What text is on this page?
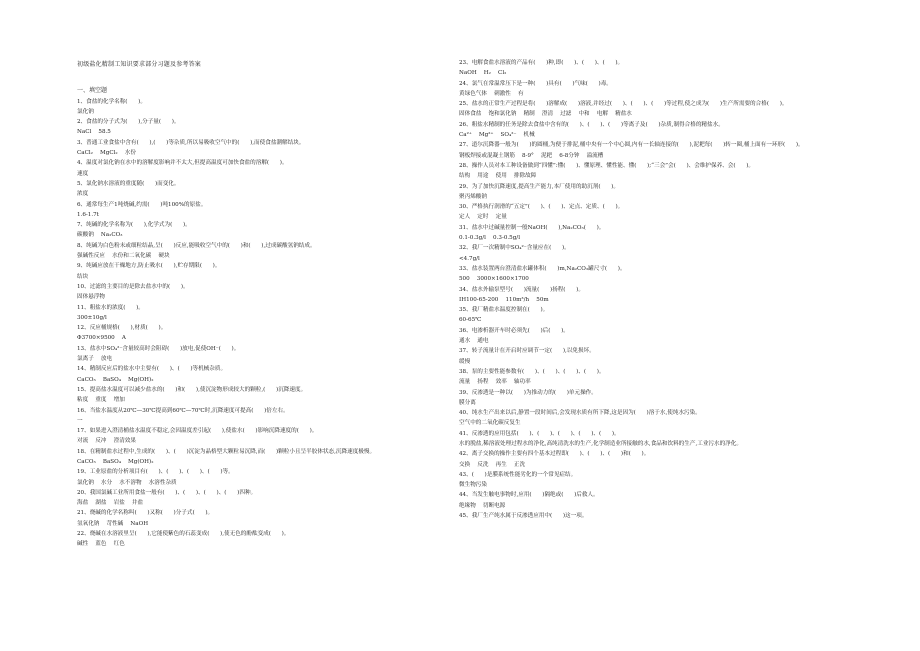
初级盐化精制工知识要求部分习题及参考答案
一、填空题
1、食盐的化学名称(      )。
氯化钠
2、食盐的分子式为(      ),分子量(      )。
NaCl    58.5
3、普通工业食盐中含有(      ),(      )等杂质,所以易吸收空气中的(      ),而使食盐潮解结块。
CaCl₂    MgCl₂    水份
4、温度对氯化钠在水中的溶解度影响并不太大,但提高温度可加快食盐的溶解(      )。
速度
5、氯化钠水溶液的重度随(      )而变化。
浓度
6、通常每生产1吨烧碱,约需(      )吨100%的原盐。
1.6-1.7t
7、纯碱的化学名称为(      ),化学式为(      )。
碳酸钠    Na₂CO₃
8、纯碱为白色粉末或细粒结晶,呈(      )反应,能吸收空气中的(      )和(      ),过成碳酸氢钠结成。
强碱性反应    水份和二氧化碳    硬块
9、纯碱应放在干燥地方,防止吸水(      ),贮存期限(      )。
结块
10、过滤的主要目的是除去盐水中的(      )。
固体悬浮物
11、粗盐水的浓度(      )。
300±10g/l
12、反应桶规格(      ),材质(      )。
Φ3700×9500    A
13、盐水中SO₄²⁻含量较高时会阻碍(      )放电,促使OH⁻(      )。
氯离子    放电
14、精制反应后的盐水中主要有(      )、(      )等机械杂质。
CaCO₃    BaSO₄    Mg(OH)₂
15、提高盐水温度可以减少盐水的(      )和(      ),使沉淀物形成较大的颗粒,(      )沉降速度。
粘度    重度    增加
16、当盐水温度从20℃—30℃提高到60℃—70℃时,沉降速度可提高(      )倍左右。
一
17、如果进入澄清桶盐水温度不稳定,会因温度差引起(      ),使盐水(      )影响沉降速度的(      )。
对流    反冲    澄清效果
18、在精制盐水过程中,生成的(      )、(      )沉淀为晶格型大颗粒易沉降,而(      )颗粒小且呈半胶体状态,沉降速度极慢。
CaCO₃    BaSO₄    Mg(OH)₂
19、工业原盐的分析项目有(      )、(      )、(      )、(      )等。
氯化钠    水分    水不溶物    水溶性杂质
20、我国氯碱工业所用食盐一般有(      )、(      )、(      )、(      )四种。
海盐    湖盐    岩盐    井盐
21、烧碱的化学名称叫(      )又称(      )分子式(      )。
氢氧化钠    苛性碱    NaOH
22、烧碱在水溶液里呈(      ),它能使紫色的石蕊变成(      ),使无色的酚酞变成(      )。
碱性    蓝色    红色
23、电解食盐水溶液的产品有(      )种,即(      )、(      )、(      )。
NaOH    H₂    Cl₂
24、氯气在常温常压下是一种(      )具有(      )气味(      )毒。
黄绿色气体    刺激性    有
25、盐水的正常生产过程是将(      )溶解成(      )溶液,并经过(      )、(      )、(      )等过程,使之成为(      )生产所需要的合格(      )。
固体食盐    饱和氯化钠    精制    澄清    过滤    中和    电解    精盐水
26、粗盐水精制的任务是除去食盐中含有的(      )、(      )、(      )等离子及(      )杂质,制得合格的精盐水。
Ca²⁺    Mg²⁺    SO₄²⁻    机械
27、道尔沉降器一般为(      )的圆桶,为便于排泥,桶中央有一个中心圆,内有一长轴连接的(      ),泥耙每(      )转一圈,桶上面有一环形(      )。
钢板焊接或混凝土钢筋    8-9°    泥耙    6-8分钟    溢流槽
28、操作人员对本工种设备做到“四懂”:懂(      )、懂原理、懂性能、懂(      );“三会”会(      )、会维护保养、会(      )。
结构    用途    使用    排除故障
29、为了加快沉降速度,提高生产能力,本厂使用的助沉剂(      )。
聚丙烯酸钠
30、严格执行润滑的“五定”(      )、(      )、定点、定质、(      )。
定人    定时    定量
31、盐水中过碱量控制一般NaOH(      ),Na₂CO₃(      )。
0.1-0.3g/l    0.3-0.5g/l
32、我厂一次精制中SO₄²⁻含量应在(      )。
<4.7g/l
33、盐水装置两台澄清盐水罐体积(      )m,Na₂CO₃罐尺寸(      )。
500    3000×1600×1700
34、盐水外输泵型号(      )流量(      )扬程(      )。
IH100-65-200    110m³/h    50m
35、我厂精盐水温度控制在(      )。
60-65℃
36、电渗析器开车时必须先(      )后(      )。
通水    通电
37、转子流量计在开启时应调节一定(      ),以免损坏。
缓慢
38、泵的主要性能参数有(      )、(      )、(      )、(      )。
流量    扬程    效率    轴功率
39、反渗透是一种以(      )为推动力的(      )单元操作。
膜分离
40、纯水生产出来以后,静置一段时间后,会发现水质有所下降,这是因为(      )溶于水,使纯水污染。
空气中的二氧化碳反复生
41、反渗透的应用包括(      )、(      )、(      )、(      )、(      )。
水的脱盐,稀溶液处理过程水的净化,高纯清洗水的生产,化学制造业所接触的水,食品和饮料的生产,工业污水的净化。
42、离子交换的操作主要有四个基本过程即(      )、(      )、(      )和(      )。
交换    反洗    再生    正洗
43、(      )是膜系统性能劣化的一个常见症结。
微生物污染
44、当发生触电事物时,应用(      )隔绝或(      )后救人。
绝缘物    切断电源
45、我厂生产纯水属于反渗透应用中(      )这一项。
